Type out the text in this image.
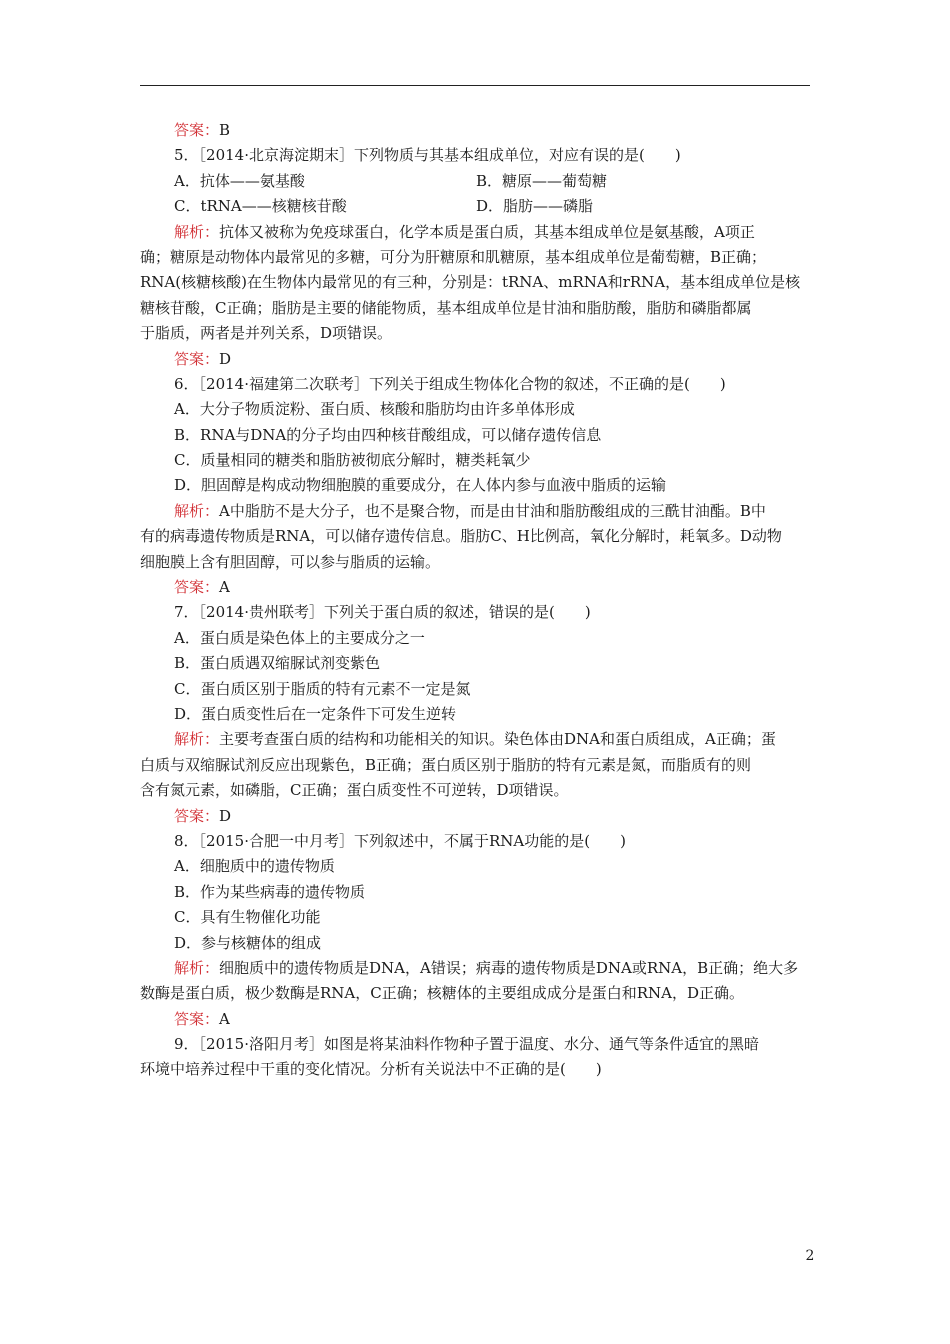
答案：B
5．［2014·北京海淀期末］下列物质与其基本组成单位，对应有误的是(　　)
A．抗体——氨基酸	B．糖原——葡萄糖
C．tRNA——核糖核苷酸	D．脂肪——磷脂
解析：抗体又被称为免疫球蛋白，化学本质是蛋白质，其基本组成单位是氨基酸，A项正
确；糖原是动物体内最常见的多糖，可分为肝糖原和肌糖原，基本组成单位是葡萄糖，B正确；
RNA(核糖核酸)在生物体内最常见的有三种，分别是：tRNA、mRNA和rRNA，基本组成单位是核
糖核苷酸，C正确；脂肪是主要的储能物质，基本组成单位是甘油和脂肪酸，脂肪和磷脂都属
于脂质，两者是并列关系，D项错误。
答案：D
6．［2014·福建第二次联考］下列关于组成生物体化合物的叙述，不正确的是(　　)
A．大分子物质淀粉、蛋白质、核酸和脂肪均由许多单体形成
B．RNA与DNA的分子均由四种核苷酸组成，可以储存遗传信息
C．质量相同的糖类和脂肪被彻底分解时，糖类耗氧少
D．胆固醇是构成动物细胞膜的重要成分，在人体内参与血液中脂质的运输
解析：A中脂肪不是大分子，也不是聚合物，而是由甘油和脂肪酸组成的三酰甘油酯。B中
有的病毒遗传物质是RNA，可以储存遗传信息。脂肪C、H比例高，氧化分解时，耗氧多。D动物
细胞膜上含有胆固醇，可以参与脂质的运输。
答案：A
7．［2014·贵州联考］下列关于蛋白质的叙述，错误的是(　　)
A．蛋白质是染色体上的主要成分之一
B．蛋白质遇双缩脲试剂变紫色
C．蛋白质区别于脂质的特有元素不一定是氮
D．蛋白质变性后在一定条件下可发生逆转
解析：主要考查蛋白质的结构和功能相关的知识。染色体由DNA和蛋白质组成，A正确；蛋
白质与双缩脲试剂反应出现紫色，B正确；蛋白质区别于脂肪的特有元素是氮，而脂质有的则
含有氮元素，如磷脂，C正确；蛋白质变性不可逆转，D项错误。
答案：D
8．［2015·合肥一中月考］下列叙述中，不属于RNA功能的是(　　)
A．细胞质中的遗传物质
B．作为某些病毒的遗传物质
C．具有生物催化功能
D．参与核糖体的组成
解析：细胞质中的遗传物质是DNA，A错误；病毒的遗传物质是DNA或RNA，B正确；绝大多
数酶是蛋白质，极少数酶是RNA，C正确；核糖体的主要组成成分是蛋白和RNA，D正确。
答案：A
9．［2015·洛阳月考］如图是将某油料作物种子置于温度、水分、通气等条件适宜的黑暗
环境中培养过程中干重的变化情况。分析有关说法中不正确的是(　　)
2
